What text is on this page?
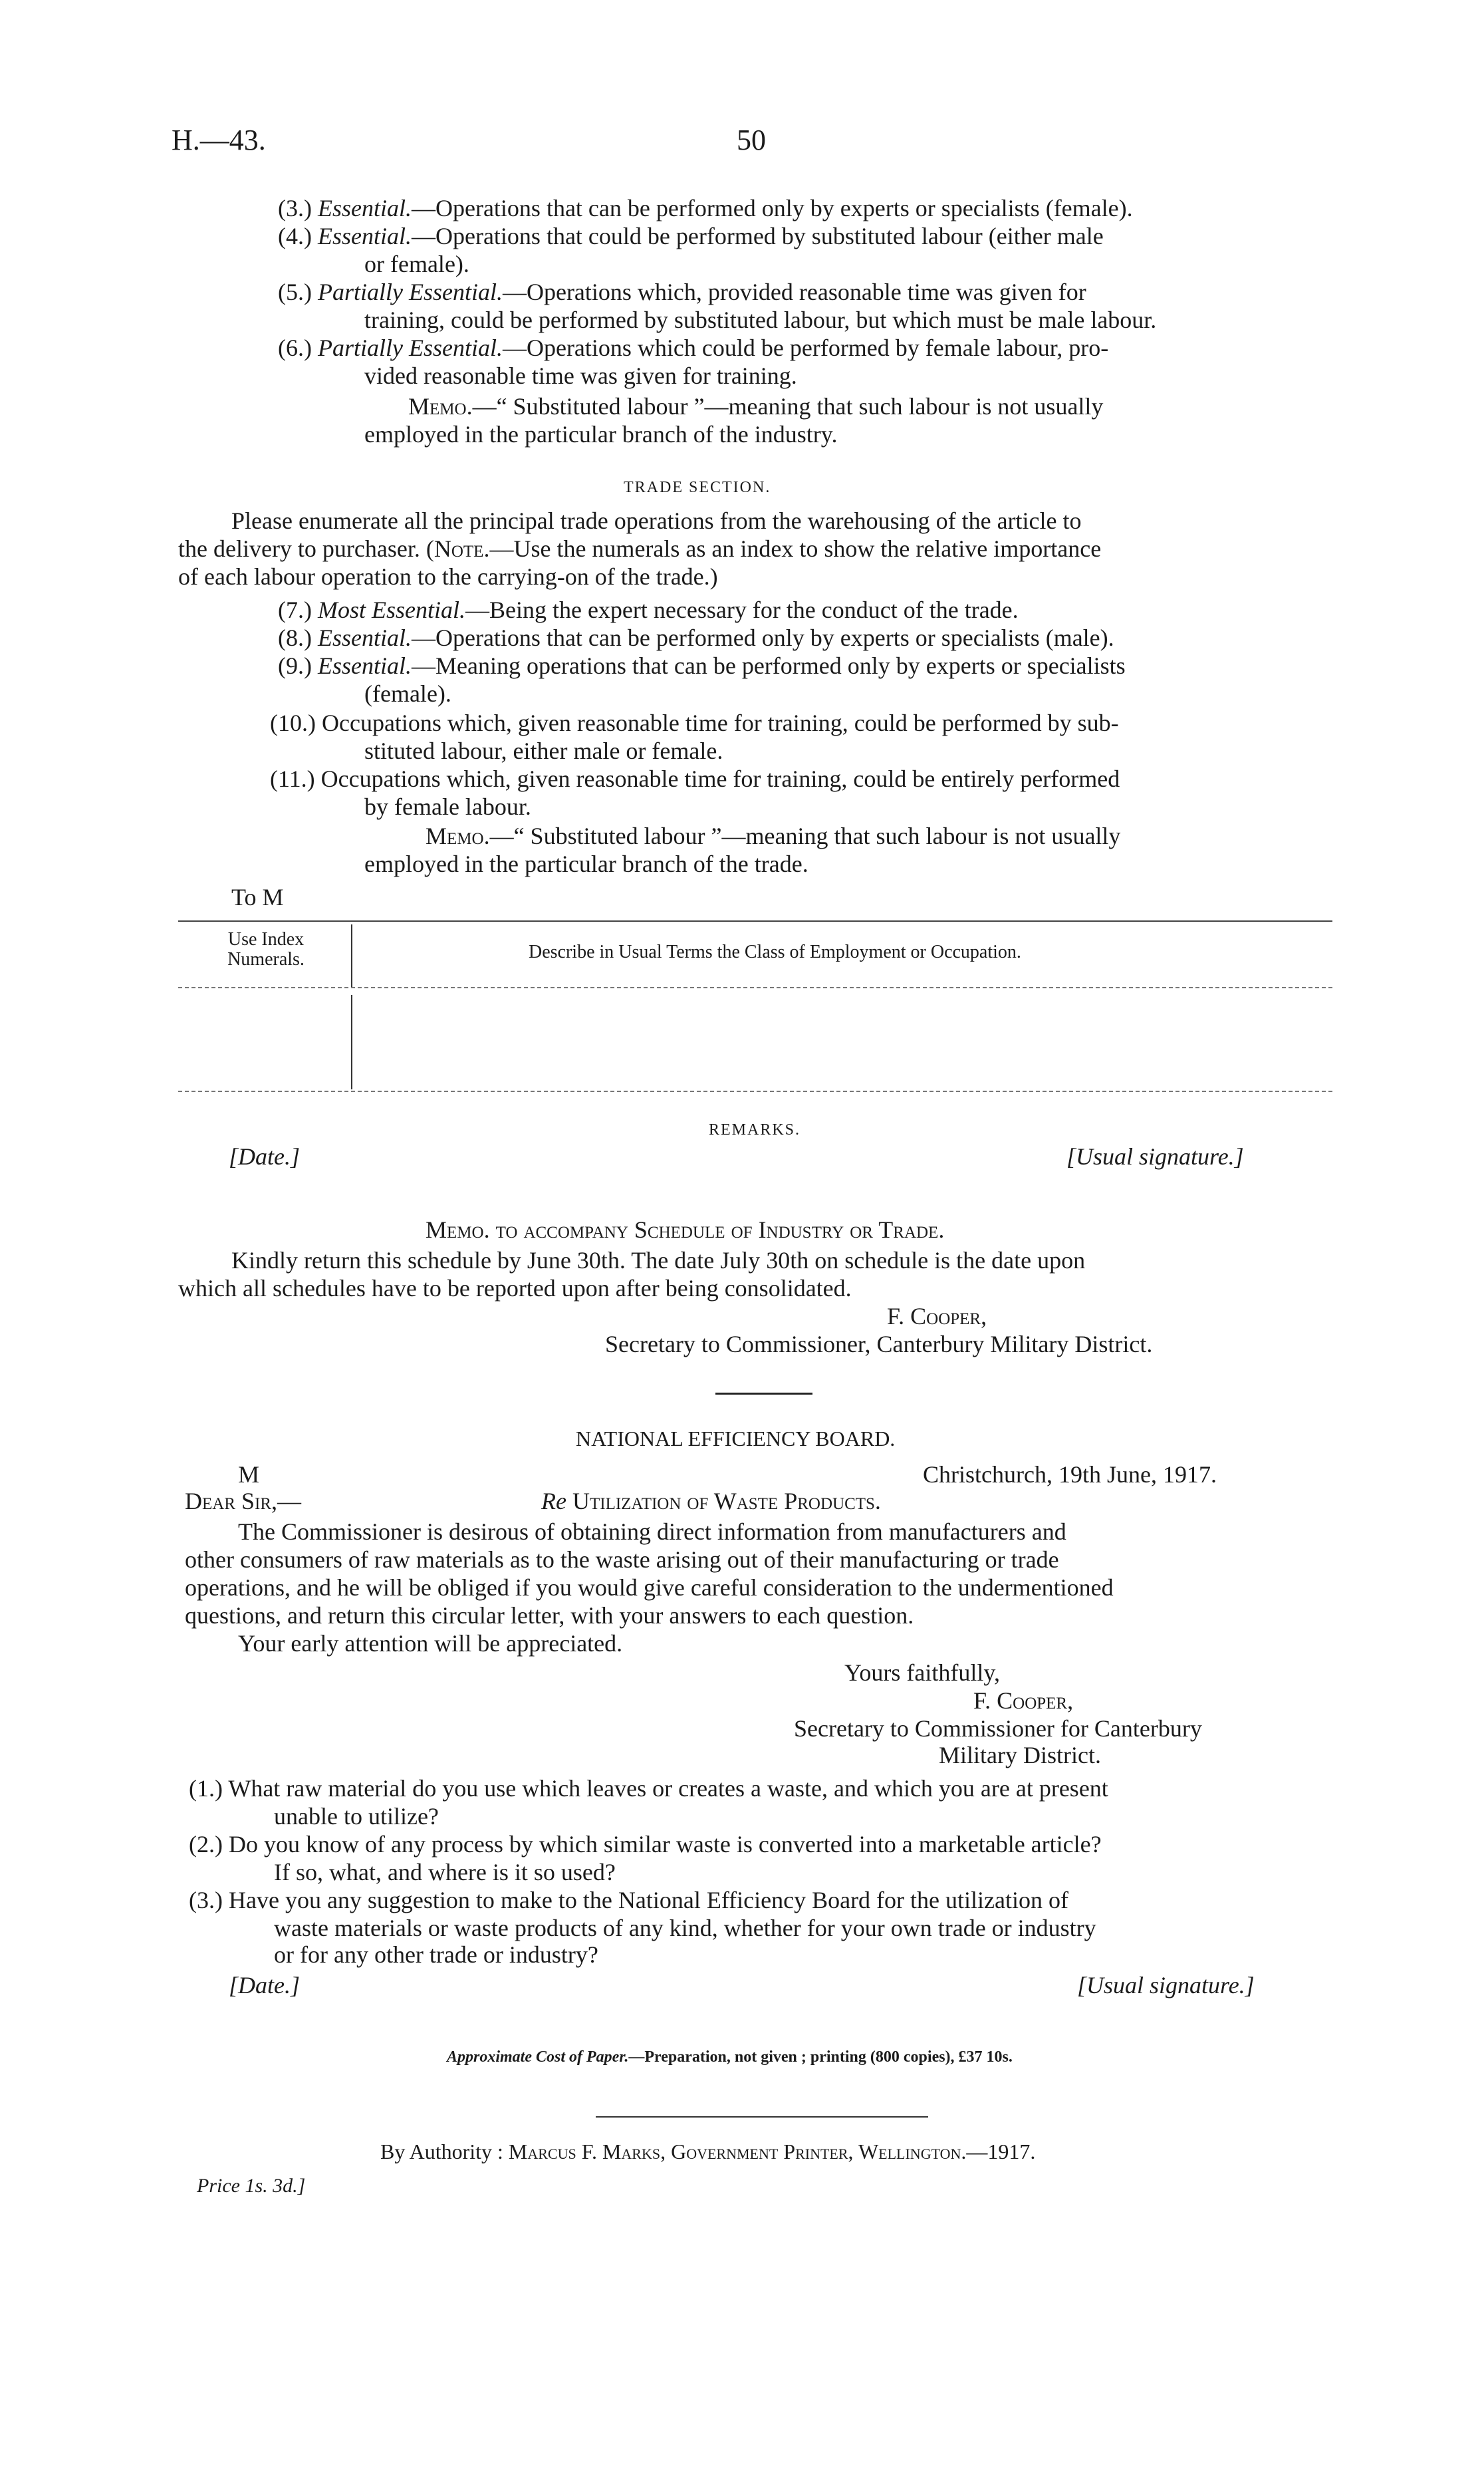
H.—43.	50
(3.) Essential.—Operations that can be performed only by experts or specialists (female).
(4.) Essential.—Operations that could be performed by substituted labour (either male
or female).
(5.) Partially Essential.—Operations which, provided reasonable time was given for
training, could be performed by substituted labour, but which must be male labour.
(6.) Partially Essential.—Operations which could be performed by female labour, pro-
vided reasonable time was given for training.
Memo.—“ Substituted labour ”—meaning that such labour is not usually
employed in the particular branch of the industry.
TRADE SECTION.
Please enumerate all the principal trade operations from the warehousing of the article to
the delivery to purchaser. (Note.—Use the numerals as an index to show the relative importance
of each labour operation to the carrying-on of the trade.)
(7.) Most Essential.—Being the expert necessary for the conduct of the trade.
(8.) Essential.—Operations that can be performed only by experts or specialists (male).
(9.) Essential.—Meaning operations that can be performed only by experts or specialists
(female).
(10.) Occupations which, given reasonable time for training, could be performed by sub-
stituted labour, either male or female.
(11.) Occupations which, given reasonable time for training, could be entirely performed
by female labour.
Memo.—“ Substituted labour ”—meaning that such labour is not usually
employed in the particular branch of the trade.
To M
Use Index
Numerals.	Describe in Usual Terms the Class of Employment or Occupation.
REMARKS.
[Date.]	[Usual signature.]
Memo. to accompany Schedule of Industry or Trade.
Kindly return this schedule by June 30th. The date July 30th on schedule is the date upon
which all schedules have to be reported upon after being consolidated.
F. Cooper,
Secretary to Commissioner, Canterbury Military District.
NATIONAL EFFICIENCY BOARD.
M	Christchurch, 19th June, 1917.
Dear Sir,—	Re Utilization of Waste Products.
The Commissioner is desirous of obtaining direct information from manufacturers and
other consumers of raw materials as to the waste arising out of their manufacturing or trade
operations, and he will be obliged if you would give careful consideration to the undermentioned
questions, and return this circular letter, with your answers to each question.
Your early attention will be appreciated.
Yours faithfully,
F. Cooper,
Secretary to Commissioner for Canterbury
Military District.
(1.) What raw material do you use which leaves or creates a waste, and which you are at present
unable to utilize?
(2.) Do you know of any process by which similar waste is converted into a marketable article?
If so, what, and where is it so used?
(3.) Have you any suggestion to make to the National Efficiency Board for the utilization of
waste materials or waste products of any kind, whether for your own trade or industry
or for any other trade or industry?
[Date.]	[Usual signature.]
Approximate Cost of Paper.—Preparation, not given ; printing (800 copies), £37 10s.
By Authority : Marcus F. Marks, Government Printer, Wellington.—1917.
Price 1s. 3d.]
